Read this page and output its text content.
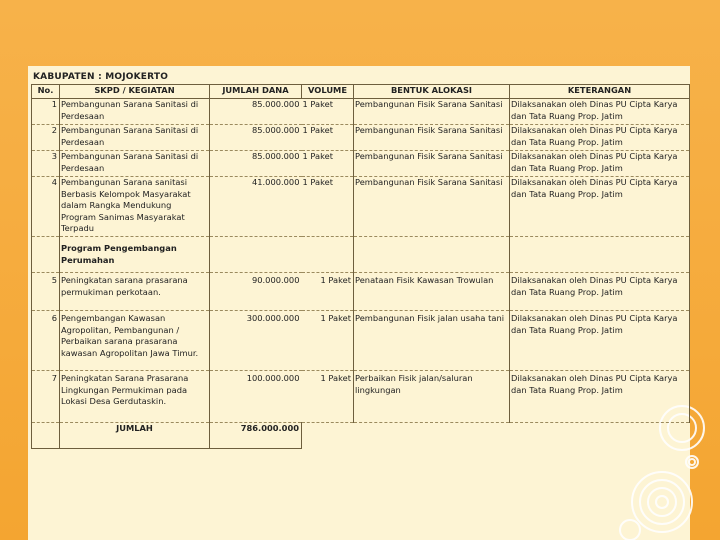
KABUPATEN : MOJOKERTO
No.	SKPD / KEGIATAN	JUMLAH DANA	VOLUME	BENTUK ALOKASI	KETERANGAN
1	Pembangunan Sarana Sanitasi di Perdesaan	85.000.000	1 Paket	Pembangunan Fisik Sarana Sanitasi	Dilaksanakan oleh Dinas PU Cipta Karya dan Tata Ruang Prop. Jatim
2	Pembangunan Sarana Sanitasi di Perdesaan	85.000.000	1 Paket	Pembangunan Fisik Sarana Sanitasi	Dilaksanakan oleh Dinas PU Cipta Karya dan Tata Ruang Prop. Jatim
3	Pembangunan Sarana Sanitasi di Perdesaan	85.000.000	1 Paket	Pembangunan Fisik Sarana Sanitasi	Dilaksanakan oleh Dinas PU Cipta Karya dan Tata Ruang Prop. Jatim
4	Pembangunan Sarana sanitasi Berbasis Kelompok Masyarakat dalam Rangka Mendukung Program Sanimas Masyarakat Terpadu	41.000.000	1 Paket	Pembangunan Fisik Sarana Sanitasi	Dilaksanakan oleh Dinas PU Cipta Karya dan Tata Ruang Prop. Jatim
	Program Pengembangan Perumahan				
5	Peningkatan sarana prasarana permukiman perkotaan.	90.000.000	1 Paket	Penataan Fisik Kawasan Trowulan	Dilaksanakan oleh Dinas PU Cipta Karya dan Tata Ruang Prop. Jatim
6	Pengembangan Kawasan Agropolitan, Pembangunan / Perbaikan sarana prasarana kawasan Agropolitan Jawa Timur.	300.000.000	1 Paket	Pembangunan Fisik jalan usaha tani	Dilaksanakan oleh Dinas PU Cipta Karya dan Tata Ruang Prop. Jatim
7	Peningkatan Sarana Prasarana Lingkungan Permukiman pada Lokasi Desa Gerdutaskin.	100.000.000	1 Paket	Perbaikan Fisik jalan/saluran lingkungan	Dilaksanakan oleh Dinas PU Cipta Karya dan Tata Ruang Prop. Jatim
	JUMLAH	786.000.000			
